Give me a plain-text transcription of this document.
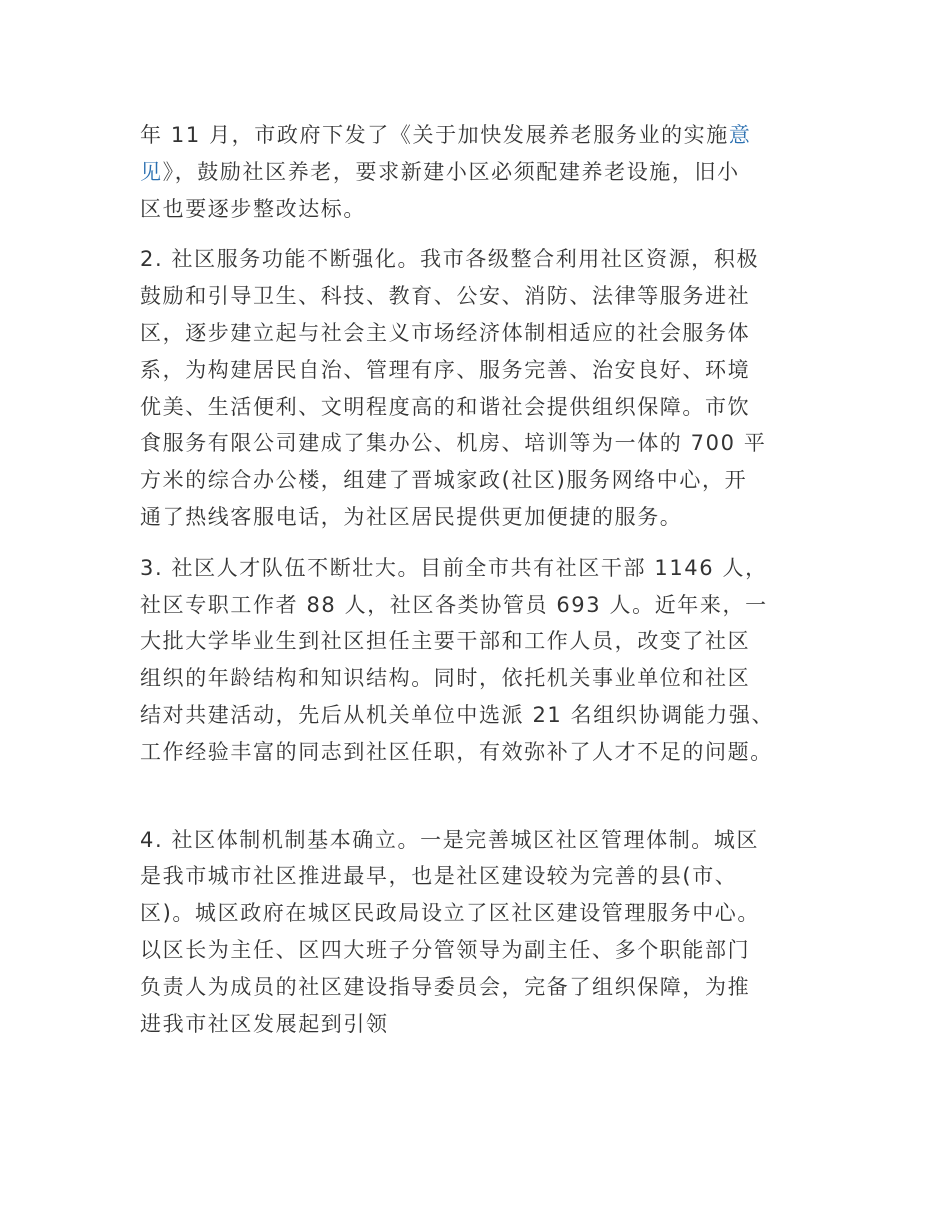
年 11 月，市政府下发了《关于加快发展养老服务业的实施意
见》，鼓励社区养老，要求新建小区必须配建养老设施，旧小
区也要逐步整改达标。

2. 社区服务功能不断强化。我市各级整合利用社区资源，积极
鼓励和引导卫生、科技、教育、公安、消防、法律等服务进社
区，逐步建立起与社会主义市场经济体制相适应的社会服务体
系，为构建居民自治、管理有序、服务完善、治安良好、环境
优美、生活便利、文明程度高的和谐社会提供组织保障。市饮
食服务有限公司建成了集办公、机房、培训等为一体的 700 平
方米的综合办公楼，组建了晋城家政(社区)服务网络中心，开
通了热线客服电话，为社区居民提供更加便捷的服务。

3. 社区人才队伍不断壮大。目前全市共有社区干部 1146 人，
社区专职工作者 88 人，社区各类协管员 693 人。近年来，一
大批大学毕业生到社区担任主要干部和工作人员，改变了社区
组织的年龄结构和知识结构。同时，依托机关事业单位和社区
结对共建活动，先后从机关单位中选派 21 名组织协调能力强、
工作经验丰富的同志到社区任职，有效弥补了人才不足的问题。

4. 社区体制机制基本确立。一是完善城区社区管理体制。城区
是我市城市社区推进最早，也是社区建设较为完善的县(市、
区)。城区政府在城区民政局设立了区社区建设管理服务中心。
以区长为主任、区四大班子分管领导为副主任、多个职能部门
负责人为成员的社区建设指导委员会，完备了组织保障，为推
进我市社区发展起到引领
